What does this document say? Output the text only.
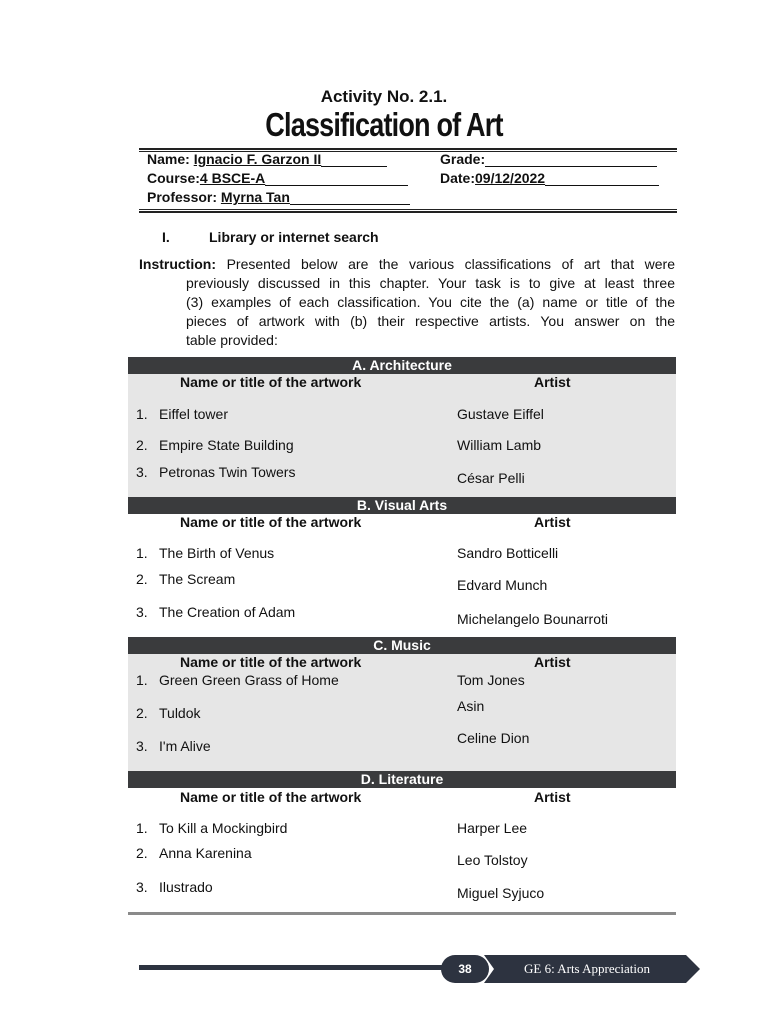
Activity No. 2.1.
Classification of Art
Name: Ignacio F. Garzon II	Grade:
Course:4 BSCE-A	Date:09/12/2022
Professor: Myrna Tan
I.	Library or internet search
Instruction: Presented below are the various classifications of art that were
previously discussed in this chapter. Your task is to give at least three
(3) examples of each classification. You cite the (a) name or title of the
pieces of artwork with (b) their respective artists. You answer on the
table provided:
A. Architecture
Name or title of the artwork	Artist
1. Eiffel tower	Gustave Eiffel
2. Empire State Building	William Lamb
3. Petronas Twin Towers	César Pelli
B. Visual Arts
Name or title of the artwork	Artist
1. The Birth of Venus	Sandro Botticelli
2. The Scream	Edvard Munch
3. The Creation of Adam	Michelangelo Bounarroti
C. Music
Name or title of the artwork	Artist
1. Green Green Grass of Home	Tom Jones
2. Tuldok	Asin
3. I'm Alive	Celine Dion
D. Literature
Name or title of the artwork	Artist
1. To Kill a Mockingbird	Harper Lee
2. Anna Karenina	Leo Tolstoy
3. Ilustrado	Miguel Syjuco
GE 6: Arts Appreciation
38
